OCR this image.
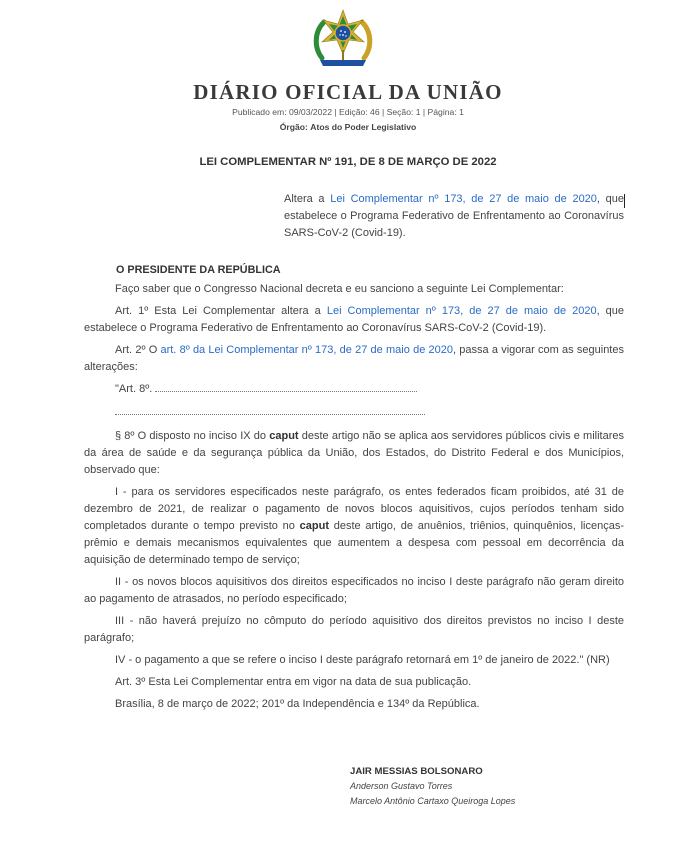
DIÁRIO OFICIAL DA UNIÃO
Publicado em: 09/03/2022 | Edição: 46 | Seção: 1 | Página: 1
Órgão: Atos do Poder Legislativo
LEI COMPLEMENTAR Nº 191, DE 8 DE MARÇO DE 2022
Altera a Lei Complementar nº 173, de 27 de maio de 2020, que estabelece o Programa Federativo de Enfrentamento ao Coronavírus SARS-CoV-2 (Covid-19).
O PRESIDENTE DA REPÚBLICA

Faço saber que o Congresso Nacional decreta e eu sanciono a seguinte Lei Complementar:

Art. 1º Esta Lei Complementar altera a Lei Complementar nº 173, de 27 de maio de 2020, que estabelece o Programa Federativo de Enfrentamento ao Coronavírus SARS-CoV-2 (Covid-19).

Art. 2º O art. 8º da Lei Complementar nº 173, de 27 de maio de 2020, passa a vigorar com as seguintes alterações:

"Art. 8º.

§ 8º O disposto no inciso IX do caput deste artigo não se aplica aos servidores públicos civis e militares da área de saúde e da segurança pública da União, dos Estados, do Distrito Federal e dos Municípios, observado que:

I - para os servidores especificados neste parágrafo, os entes federados ficam proibidos, até 31 de dezembro de 2021, de realizar o pagamento de novos blocos aquisitivos, cujos períodos tenham sido completados durante o tempo previsto no caput deste artigo, de anuênios, triênios, quinquênios, licenças-prêmio e demais mecanismos equivalentes que aumentem a despesa com pessoal em decorrência da aquisição de determinado tempo de serviço;

II - os novos blocos aquisitivos dos direitos especificados no inciso I deste parágrafo não geram direito ao pagamento de atrasados, no período especificado;

III - não haverá prejuízo no cômputo do período aquisitivo dos direitos previstos no inciso I deste parágrafo;

IV - o pagamento a que se refere o inciso I deste parágrafo retornará em 1º de janeiro de 2022." (NR)

Art. 3º Esta Lei Complementar entra em vigor na data de sua publicação.

Brasília, 8 de março de 2022; 201º da Independência e 134º da República.

JAIR MESSIAS BOLSONARO
Anderson Gustavo Torres
Marcelo Antônio Cartaxo Queiroga Lopes
